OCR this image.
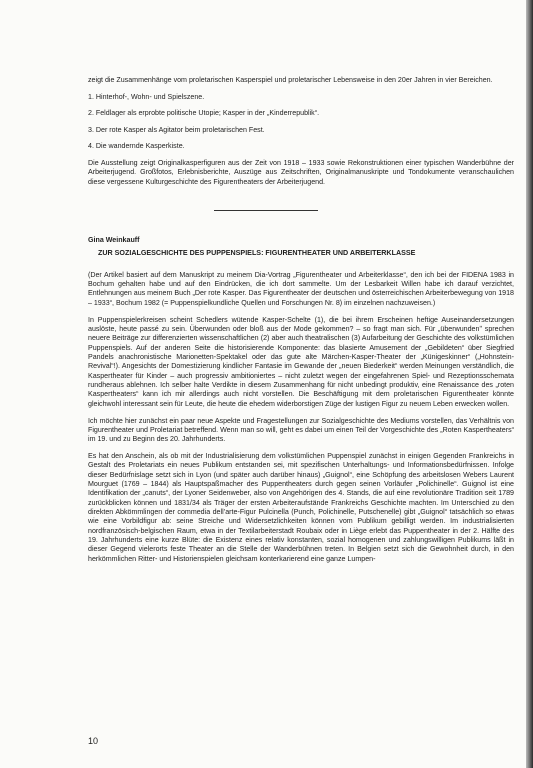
zeigt die Zusammenhänge vom proletarischen Kasperspiel und proletarischer Lebensweise in den 20er Jahren in vier Bereichen.

1. Hinterhof-, Wohn- und Spielszene.
2. Feldlager als erprobte politische Utopie; Kasper in der „Kinderrepublik“.
3. Der rote Kasper als Agitator beim proletarischen Fest.
4. Die wandernde Kasperkiste.

Die Ausstellung zeigt Originalkasperfiguren aus der Zeit von 1918 – 1933 sowie Rekonstruktionen einer typischen Wanderbühne der Arbeiterjugend. Großfotos, Erlebnisberichte, Auszüge aus Zeitschriften, Originalmanuskripte und Tondokumente veranschaulichen diese vergessene Kulturgeschichte des Figurentheaters der Arbeiterjugend.

Gina Weinkauff
ZUR SOZIALGESCHICHTE DES PUPPENSPIELS: FIGURENTHEATER UND ARBEITERKLASSE

(Der Artikel basiert auf dem Manuskript zu meinem Dia-Vortrag „Figurentheater und Arbeiterklasse“, den ich bei der FIDENA 1983 in Bochum gehalten habe und auf den Eindrücken, die ich dort sammelte. Um der Lesbarkeit Willen habe ich darauf verzichtet, Entlehnungen aus meinem Buch „Der rote Kasper. Das Figurentheater der deutschen und österreichischen Arbeiterbewegung von 1918 – 1933“, Bochum 1982 (= Puppenspielkundliche Quellen und Forschungen Nr. 8) im einzelnen nachzuweisen.)

In Puppenspielerkreisen scheint Schedlers wütende Kasper-Schelte (1), die bei ihrem Erscheinen heftige Auseinandersetzungen auslöste, heute passé zu sein. Überwunden oder bloß aus der Mode gekommen? – so fragt man sich. Für „überwundenʺ sprechen neuere Beiträge zur differenzierten wissenschaftlichen (2) aber auch theatralischen (3) Aufarbeitung der Geschichte des volkstümlichen Puppenspiels. Auf der anderen Seite die historisierende Komponente: das blasierte Amusement der „Gebildeten“ über Siegfried Pandels anachronistische Marionetten-Spektakel oder das gute alte Märchen-Kasper-Theater der „Künigeskinner“ („Hohnstein-Revival“!). Angesichts der Domestizierung kindlicher Fantasie im Gewande der „neuen Biederkeit“ werden Meinungen verständlich, die Kaspertheater für Kinder – auch progressiv ambitioniertes – nicht zuletzt wegen der eingefahrenen Spiel- und Rezeptionsschemata rundheraus ablehnen. Ich selber halte Verdikte in diesem Zusammenhang für nicht unbedingt produktiv, eine Renaissance des „roten Kaspertheaters“ kann ich mir allerdings auch nicht vorstellen. Die Beschäftigung mit dem proletarischen Figurentheater könnte gleichwohl interessant sein für Leute, die heute die ehedem widerborstigen Züge der lustigen Figur zu neuem Leben erwecken wollen.

Ich möchte hier zunächst ein paar neue Aspekte und Fragestellungen zur Sozialgeschichte des Mediums vorstellen, das Verhältnis von Figurentheater und Proletariat betreffend. Wenn man so will, geht es dabei um einen Teil der Vorgeschichte des „Roten Kaspertheaters“ im 19. und zu Beginn des 20. Jahrhunderts.

Es hat den Anschein, als ob mit der Industrialisierung dem volkstümlichen Puppenspiel zunächst in einigen Gegenden Frankreichs in Gestalt des Proletariats ein neues Publikum entstanden sei, mit spezifischen Unterhaltungs- und Informationsbedürfnissen. Infolge dieser Bedürfnislage setzt sich in Lyon (und später auch darüber hinaus) „Guignol“, eine Schöpfung des arbeitslosen Webers Laurent Mourguet (1769 – 1844) als Hauptspaßmacher des Puppentheaters durch gegen seinen Vorläufer „Polichinelle“. Guignol ist eine Identifikation der „canuts“, der Lyoner Seidenweber, also von Angehörigen des 4. Stands, die auf eine revolutionäre Tradition seit 1789 zurückblicken können und 1831/34 als Träger der ersten Arbeiteraufstände Frankreichs Geschichte machten. Im Unterschied zu den direkten Abkömmlingen der commedia dell’arte-Figur Pulcinella (Punch, Polichinelle, Putschenelle) gibt „Guignol“ tatsächlich so etwas wie eine Vorbildfigur ab: seine Streiche und Widersetzlichkeiten können vom Publikum gebilligt werden. Im industrialisierten nordfranzösisch-belgischen Raum, etwa in der Textilarbeiterstadt Roubaix oder in Liège erlebt das Puppentheater in der 2. Hälfte des 19. Jahrhunderts eine kurze Blüte: die Existenz eines relativ konstanten, sozial homogenen und zahlungswilligen Publikums läßt in dieser Gegend vielerorts feste Theater an die Stelle der Wanderbühnen treten. In Belgien setzt sich die Gewohnheit durch, in den herkömmlichen Ritter- und Historienspielen gleichsam konterkarierend eine ganze Lumpen-

10
